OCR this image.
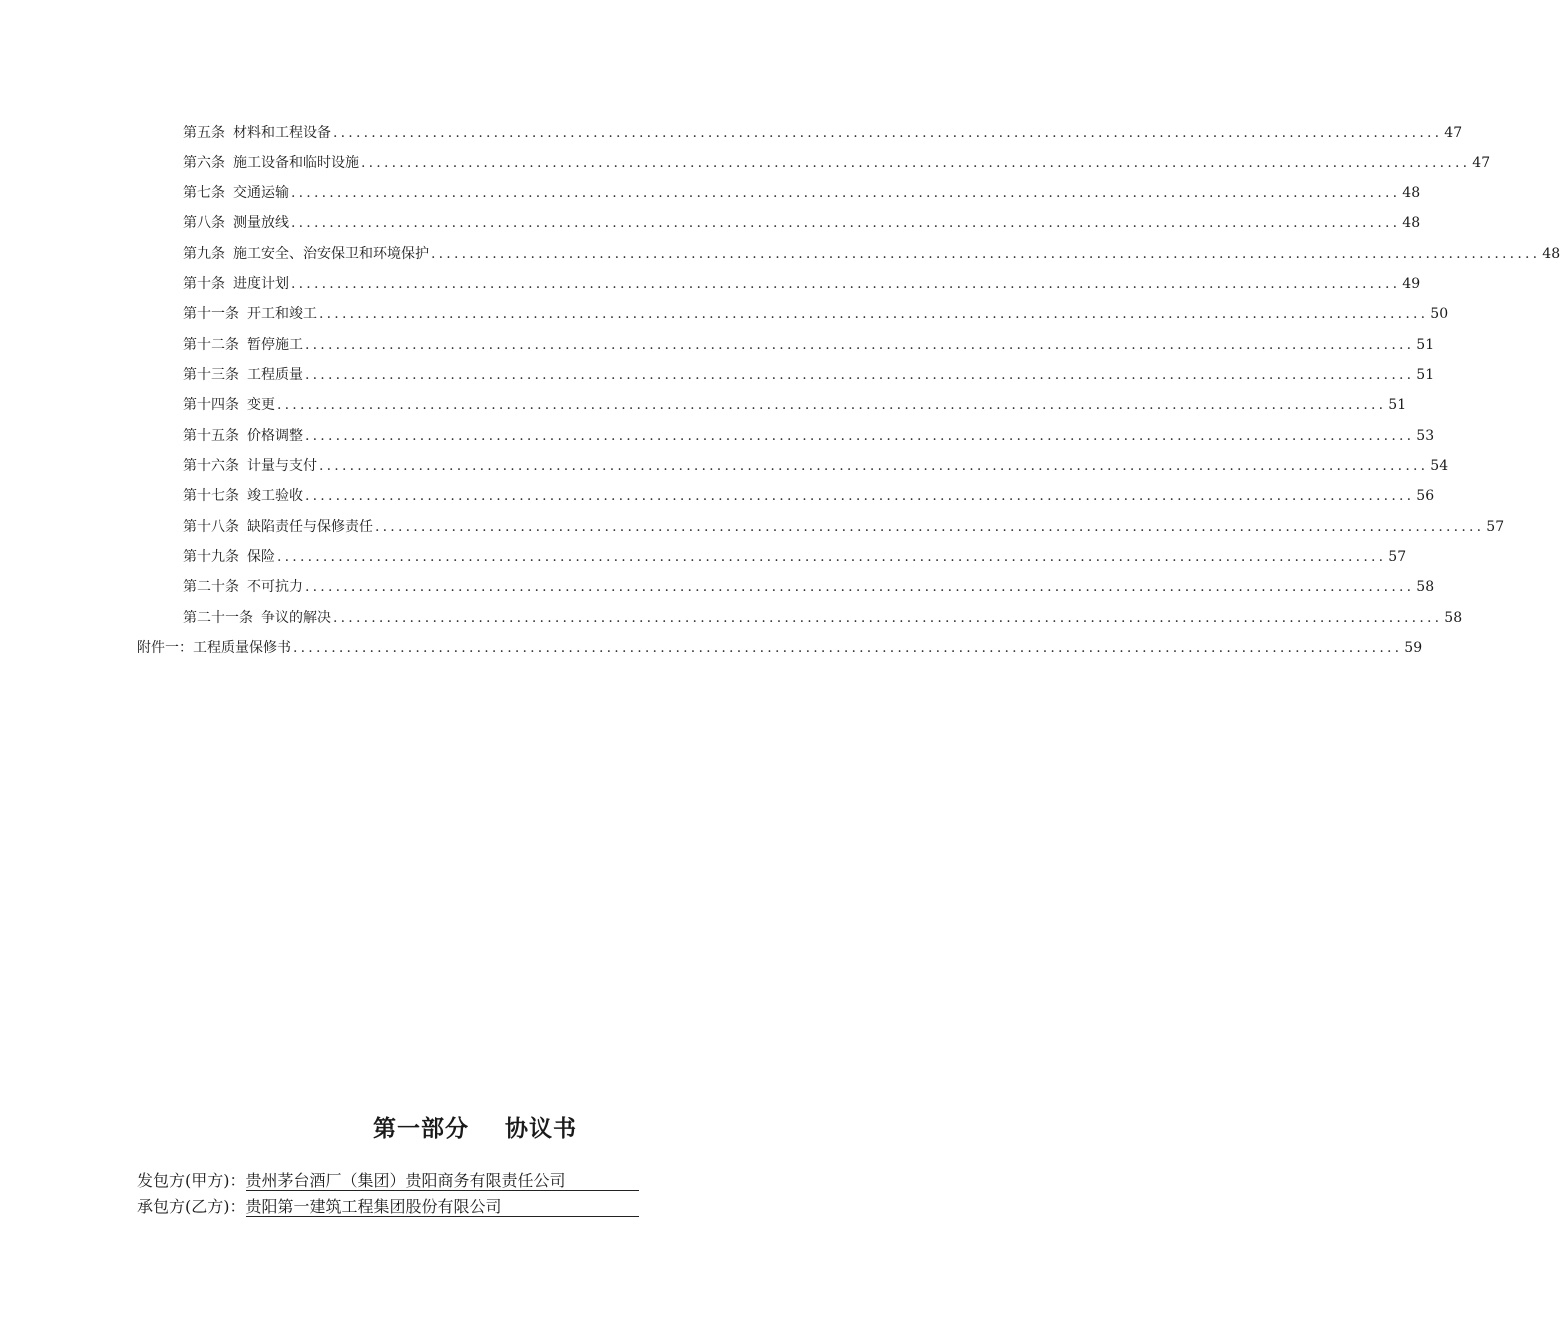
第五条 材料和工程设备 ................................................................................................................................................. 47
第六条 施工设备和临时设施 ................................................................................................................................................. 47
第七条 交通运输 ................................................................................................................................................. 48
第八条 测量放线 ................................................................................................................................................. 48
第九条 施工安全、治安保卫和环境保护 ................................................................................................................................................. 48
第十条 进度计划 ................................................................................................................................................. 49
第十一条 开工和竣工 ................................................................................................................................................. 50
第十二条 暂停施工 ................................................................................................................................................. 51
第十三条 工程质量 ................................................................................................................................................. 51
第十四条 变更 ................................................................................................................................................. 51
第十五条 价格调整 ................................................................................................................................................. 53
第十六条 计量与支付 ................................................................................................................................................. 54
第十七条 竣工验收 ................................................................................................................................................. 56
第十八条 缺陷责任与保修责任 ................................................................................................................................................. 57
第十九条 保险 ................................................................................................................................................. 57
第二十条 不可抗力 ................................................................................................................................................. 58
第二十一条 争议的解决 ................................................................................................................................................. 58
附件一：工程质量保修书 ................................................................................................................................................. 59
第一部分    协议书
发包方(甲方)：贵州茅台酒厂（集团）贵阳商务有限责任公司
承包方(乙方)：贵阳第一建筑工程集团股份有限公司
